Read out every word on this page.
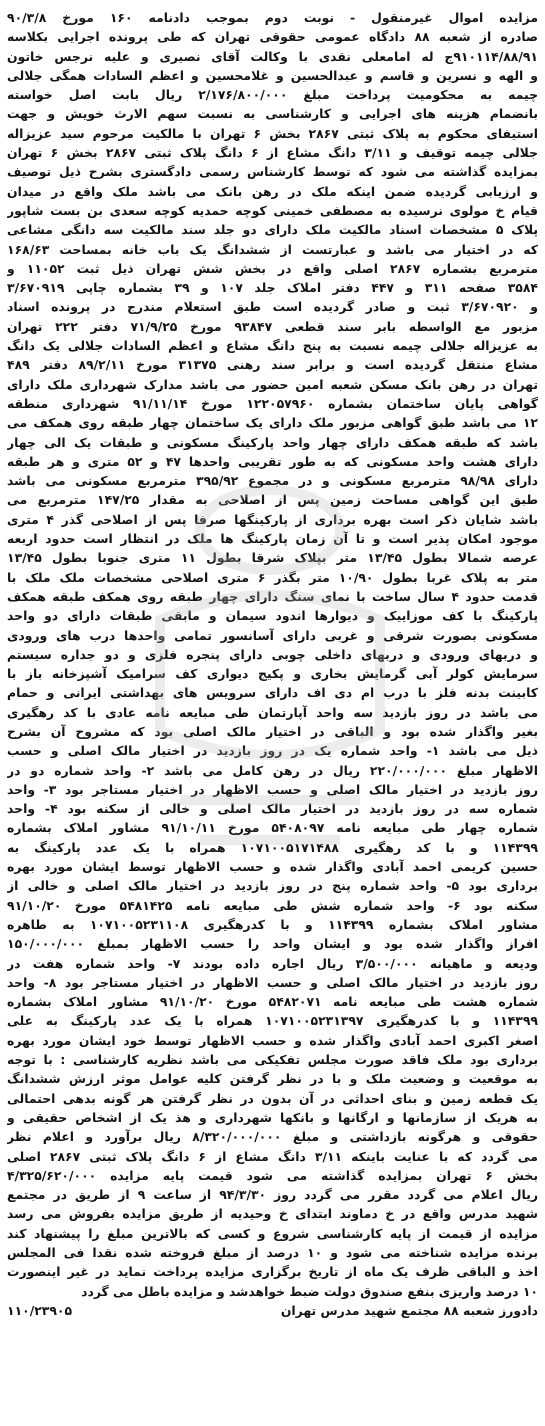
مزایده اموال غیرمنقول - نوبت دوم بموجب دادنامه ۱۶۰ مورخ ۹۰/۳/۸
صادره از شعبه ۸۸ دادگاه عمومی حقوقی تهران که طی پرونده اجرایی بکلاسه
۹۱۰۱۱۴/۸۸/۹۱ج له امامعلی نقدی با وکالت آقای نصیری و علیه نرجس خاتون
و الهه و نسرین و قاسم و عبدالحسین و غلامحسین و اعظم السادات همگی جلالی
چیمه به محکومیت پرداخت مبلغ ۲/۱۷۶/۸۰۰/۰۰۰ ریال بابت اصل خواسته
بانضمام هزینه های اجرایی و کارشناسی به نسبت سهم الارث خویش و جهت
استیفای محکوم به پلاک ثبتی ۲۸۶۷ بخش ۶ تهران با مالکیت مرحوم سید عزیزاله
جلالی چیمه توقیف و ۳/۱۱ دانگ مشاع از ۶ دانگ پلاک ثبتی ۲۸۶۷ بخش ۶ تهران
بمزایده گذاشته می شود که توسط کارشناس رسمی دادگستری بشرح ذیل توصیف
و ارزیابی گردیده ضمن اینکه ملک در رهن بانک می باشد ملک واقع در میدان
قیام خ مولوی نرسیده به مصطفی خمینی کوچه حمدیه کوچه سعدی بن بست شاپور
پلاک ۵ مشخصات اسناد مالکیت ملک دارای دو جلد سند مالکیت سه دانگی مشاعی
که در اختیار می باشد و عبارتست از ششدانگ یک باب خانه بمساحت ۱۶۸/۶۳
مترمربع بشماره ۲۸۶۷ اصلی واقع در بخش شش تهران ذیل ثبت ۱۱۰۵۲ و
۳۵۸۴ صفحه ۳۱۱ و ۴۴۷ دفتر املاک جلد ۱۰۷ و ۳۹ بشماره چاپی ۳/۶۷۰۹۱۹
و ۳/۶۷۰۹۲۰ ثبت و صادر گردیده است طبق استعلام مندرج در پرونده اسناد
مزبور مع الواسطه بابر سند قطعی ۹۳۸۴۷ مورخ ۷۱/۹/۲۵ دفتر ۲۲۲ تهران
به عزیزاله جلالی چیمه نسبت به پنج دانگ مشاع و اعظم السادات جلالی یک دانگ
مشاع منتقل گردیده است و برابر سند رهنی ۳۱۳۷۵ مورخ ۸۹/۲/۱۱ دفتر ۴۸۹
تهران در رهن بانک مسکن شعبه امین حضور می باشد مدارک شهرداری ملک دارای
گواهی پایان ساختمان بشماره ۱۲۲۰۵۷۹۶۰ مورخ ۹۱/۱۱/۱۴ شهرداری منطقه
۱۲ می باشد طبق گواهی مزبور ملک دارای یک ساختمان چهار طبقه روی همکف می
باشد که طبقه همکف دارای چهار واحد پارکینگ مسکونی و طبقات یک الی چهار
دارای هشت واحد مسکونی که به طور تقریبی واحدها ۴۷ و ۵۲ متری و هر طبقه
دارای ۹۸/۹۸ مترمربع مسکونی و در مجموع ۳۹۵/۹۲ مترمربع مسکونی می باشد
طبق این گواهی مساحت زمین پس از اصلاحی به مقدار ۱۴۷/۲۵ مترمربع می
باشد شایان ذکر است بهره برداری از پارکینگها صرفا پس از اصلاحی گذر ۴ متری
موجود امکان پذیر است و تا آن زمان پارکینگ ها ملک در انتظار است حدود اربعه
عرصه شمالا بطول ۱۳/۴۵ متر بپلاک شرقا بطول ۱۱ متری جنوبا بطول ۱۳/۴۵
متر به پلاک غربا بطول ۱۰/۹۰ متر بگذر ۶ متری اصلاحی مشخصات ملک ملک با
قدمت حدود ۴ سال ساخت با نمای سنگ دارای چهار طبقه روی همکف طبقه همکف
پارکینگ با کف موزاییک و دیوارها اندود سیمان و مابقی طبقات دارای دو واحد
مسکونی بصورت شرقی و غربی دارای آسانسور تمامی واحدها درب های ورودی
و دربهای ورودی و دربهای داخلی چوبی دارای پنجره فلزی و دو جداره سیستم
سرمایش کولر آبی گرمایش بخاری و پکیج دیواری کف سرامیک آشپزخانه باز با
کابینت بدنه فلز با درب ام دی اف دارای سرویس های بهداشتی ایرانی و حمام
می باشد در روز بازدید سه واحد آپارتمان طی مبایعه نامه عادی با کد رهگیری
بغیر واگذار شده بود و الباقی در اختیار مالک اصلی بود که مشروح آن بشرح
ذیل می باشد ۱- واحد شماره یک در روز بازدید در اختیار مالک اصلی و حسب
الاظهار مبلغ ۲۲۰/۰۰۰/۰۰۰ ریال در رهن کامل می باشد ۲- واحد شماره دو در
روز بازدید در اختیار مالک اصلی و حسب الاظهار در اختیار مستاجر بود ۳- واحد
شماره سه در روز بازدید در اختیار مالک اصلی و خالی از سکنه بود ۴- واحد
شماره چهار طی مبایعه نامه ۵۴۰۸۰۹۷ مورخ ۹۱/۱۰/۱۱ مشاور املاک بشماره
۱۱۴۳۹۹ و با کد رهگیری ۱۰۷۱۰۰۵۱۷۱۴۸۸ همراه با یک عدد پارکینگ به
حسین کریمی احمد آبادی واگذار شده و حسب الاظهار توسط ایشان مورد بهره
برداری بود ۵- واحد شماره پنج در روز بازدید در اختیار مالک اصلی و خالی از
سکنه بود ۶- واحد شماره شش طی مبایعه نامه ۵۴۸۱۴۲۵ مورخ ۹۱/۱۰/۲۰
مشاور املاک بشماره ۱۱۴۳۹۹ و با کدرهگیری ۱۰۷۱۰۰۵۲۳۱۱۰۸ به طاهره
افراز واگذار شده بود و ایشان واحد را حسب الاظهار بمبلغ ۱۵۰/۰۰۰/۰۰۰
ودیعه و ماهیانه ۳/۵۰۰/۰۰۰ ریال اجاره داده بودند ۷- واحد شماره هفت در
روز بازدید در اختیار مالک اصلی و حسب الاظهار در اختیار مستاجر بود ۸- واحد
شماره هشت طی مبایعه نامه ۵۴۸۲۰۷۱ مورخ ۹۱/۱۰/۲۰ مشاور املاک بشماره
۱۱۴۳۹۹ و با کدرهگیری ۱۰۷۱۰۰۵۲۳۱۳۹۷ همراه با یک عدد پارکینگ به علی
اصغر اکبری احمد آبادی واگذار شده و حسب الاظهار توسط خود ایشان مورد بهره
برداری بود ملک فاقد صورت مجلس تفکیکی می باشد نظریه کارشناسی : با توجه
به موقعیت و وضعیت ملک و با در نظر گرفتن کلیه عوامل موثر ارزش ششدانگ
یک قطعه زمین و بنای احداثی در آن بدون در نظر گرفتن هر گونه بدهی احتمالی
به هریک از سازمانها و ارگانها و بانکها شهرداری و هذ یک از اشخاص حقیقی و
حقوقی و هرگونه بازداشتی و مبلغ ۸/۳۲۰/۰۰۰/۰۰۰ ریال برآورد و اعلام نظر
می گردد که با عنایت باینکه ۳/۱۱ دانگ مشاع از ۶ دانگ پلاک ثبتی ۲۸۶۷ اصلی
بخش ۶ تهران بمزایده گذاشته می شود قیمت پایه مزایده ۴/۳۲۵/۶۲۰/۰۰۰
ریال اعلام می گردد مقرر می گردد روز ۹۴/۳/۳۰ از ساعت ۹ از طریق در مجتمع
شهید مدرس واقع در خ دماوند ابتدای خ وحیدیه از طریق مزایده بفروش می رسد
مزایده از قیمت از پایه کارشناسی شروع و کسی که بالاترین مبلغ را پیشنهاد کند
برنده مزایده شناخته می شود و ۱۰ درصد از مبلغ فروخته شده نقدا فی المجلس
اخذ و الباقی ظرف یک ماه از تاریخ برگزاری مزایده پرداخت نماید در غیر اینصورت
۱۰ درصد واریزی بنفع صندوق دولت ضبط خواهدشد و مزایده باطل می گردد
دادورز شعبه ۸۸ مجتمع شهید مدرس تهران
۱۱۰/۲۳۹۰۵
